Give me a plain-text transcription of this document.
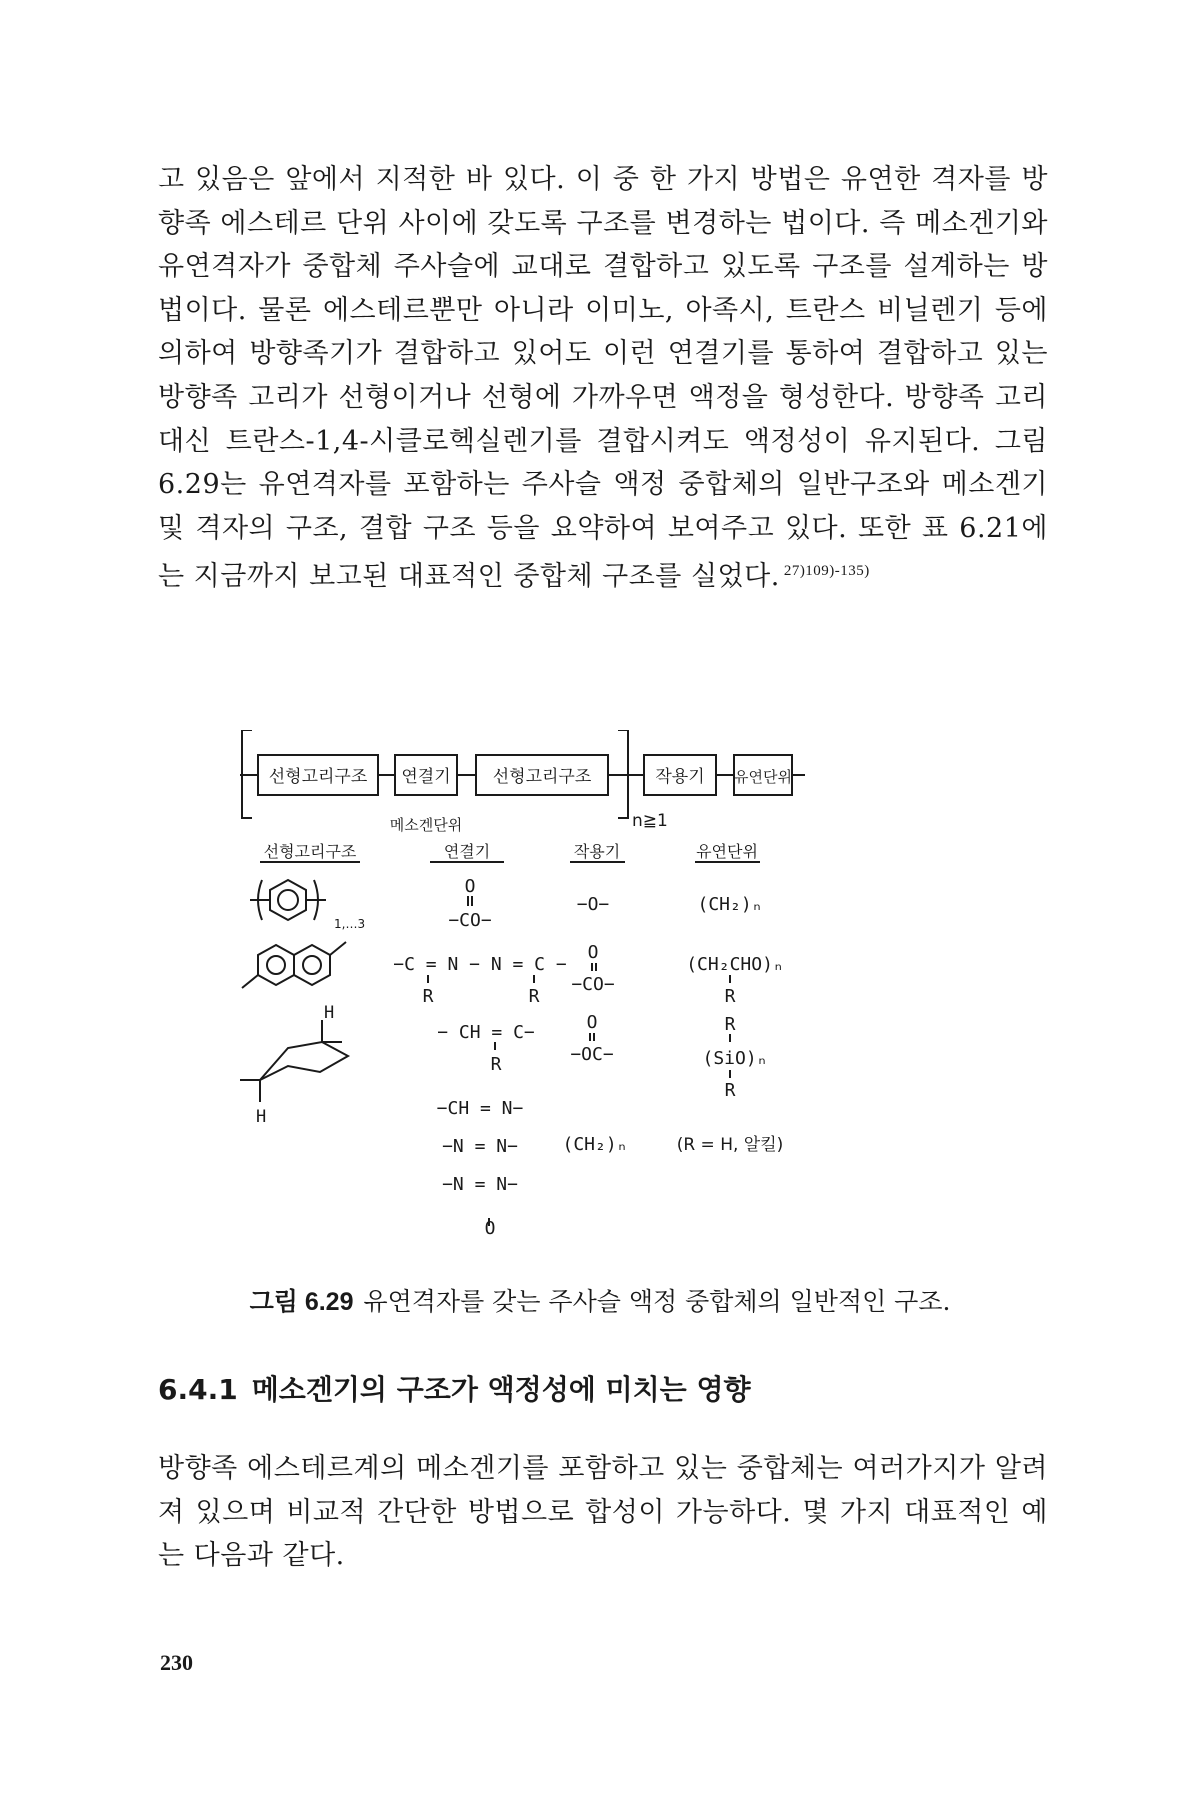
고 있음은 앞에서 지적한 바 있다. 이 중 한 가지 방법은 유연한 격자를 방향족 에스테르 단위 사이에 갖도록 구조를 변경하는 법이다. 즉 메소겐기와 유연격자가 중합체 주사슬에 교대로 결합하고 있도록 구조를 설계하는 방법이다. 물론 에스테르뿐만 아니라 이미노, 아족시, 트란스 비닐렌기 등에 의하여 방향족기가 결합하고 있어도 이런 연결기를 통하여 결합하고 있는 방향족 고리가 선형이거나 선형에 가까우면 액정을 형성한다. 방향족 고리 대신 트란스-1,4-시클로헥실렌기를 결합시켜도 액정성이 유지된다. 그림 6.29는 유연격자를 포함하는 주사슬 액정 중합체의 일반구조와 메소겐기 및 격자의 구조, 결합 구조 등을 요약하여 보여주고 있다. 또한 표 6.21에는 지금까지 보고된 대표적인 중합체 구조를 실었다. $^{27)109)-135)}$

선형고리구조 연결기 선형고리구조	작용기 유연단위
메소겐단위	n≧1
선형고리구조	연결기	작용기	유연단위
1,…3
H
H
O
−CO−
−C = N − N = C −
R	R
− CH = C−
R
−CH = N−
−N = N−
−N = N−
O
−O−
O
−CO−
O
−OC−
(CH₂)ₙ
(CH₂)ₙ
(CH₂CHO)ₙ
R
R
(SiO)ₙ
R
(R = H, 알킬)

그림 6.29 유연격자를 갖는 주사슬 액정 중합체의 일반적인 구조.

6.4.1 메소겐기의 구조가 액정성에 미치는 영향

방향족 에스테르계의 메소겐기를 포함하고 있는 중합체는 여러가지가 알려져 있으며 비교적 간단한 방법으로 합성이 가능하다. 몇 가지 대표적인 예는 다음과 같다.

230
